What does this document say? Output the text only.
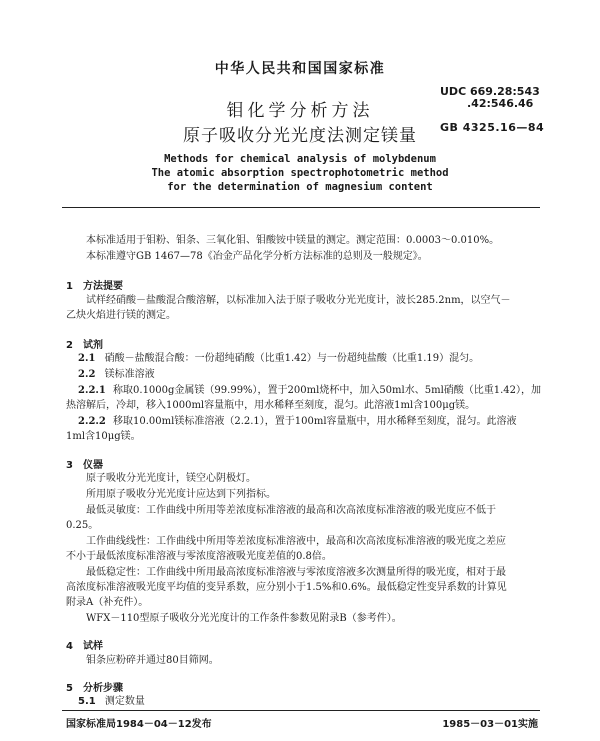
中华人民共和国国家标准
UDC 669.28:543
.42:546.46
GB 4325.16—84
钼化学分析方法
原子吸收分光光度法测定镁量
Methods for chemical analysis of molybdenum
The atomic absorption spectrophotometric method
for the determination of magnesium content
本标准适用于钼粉、钼条、三氧化钼、钼酸铵中镁量的测定。测定范围：0.0003～0.010%。
本标准遵守GB 1467—78《冶金产品化学分析方法标准的总则及一般规定》。
1　方法提要
试样经硝酸－盐酸混合酸溶解，以标准加入法于原子吸收分光光度计，波长285.2nm，以空气－
乙炔火焰进行镁的测定。
2　试剂
2.1 硝酸－盐酸混合酸：一份超纯硝酸（比重1.42）与一份超纯盐酸（比重1.19）混匀。
2.2 镁标准溶液
2.2.1 称取0.1000g金属镁（99.99%），置于200ml烧杯中，加入50ml水、5ml硝酸（比重1.42），加
热溶解后，冷却，移入1000ml容量瓶中，用水稀释至刻度，混匀。此溶液1ml含100μg镁。
2.2.2 移取10.00ml镁标准溶液（2.2.1），置于100ml容量瓶中，用水稀释至刻度，混匀。此溶液
1ml含10μg镁。
3　仪器
原子吸收分光光度计，镁空心阴极灯。
所用原子吸收分光光度计应达到下列指标。
最低灵敏度：工作曲线中所用等差浓度标准溶液的最高和次高浓度标准溶液的吸光度应不低于
0.25。
工作曲线线性：工作曲线中所用等差浓度标准溶液中，最高和次高浓度标准溶液的吸光度之差应
不小于最低浓度标准溶液与零浓度溶液吸光度差值的0.8倍。
最低稳定性：工作曲线中所用最高浓度标准溶液与零浓度溶液多次测量所得的吸光度，相对于最
高浓度标准溶液吸光度平均值的变异系数，应分别小于1.5%和0.6%。最低稳定性变异系数的计算见
附录A（补充件）。
WFX－110型原子吸收分光光度计的工作条件参数见附录B（参考件）。
4　试样
钼条应粉碎并通过80目筛网。
5　分析步骤
5.1 测定数量
国家标准局1984－04－12发布	1985－03－01实施
